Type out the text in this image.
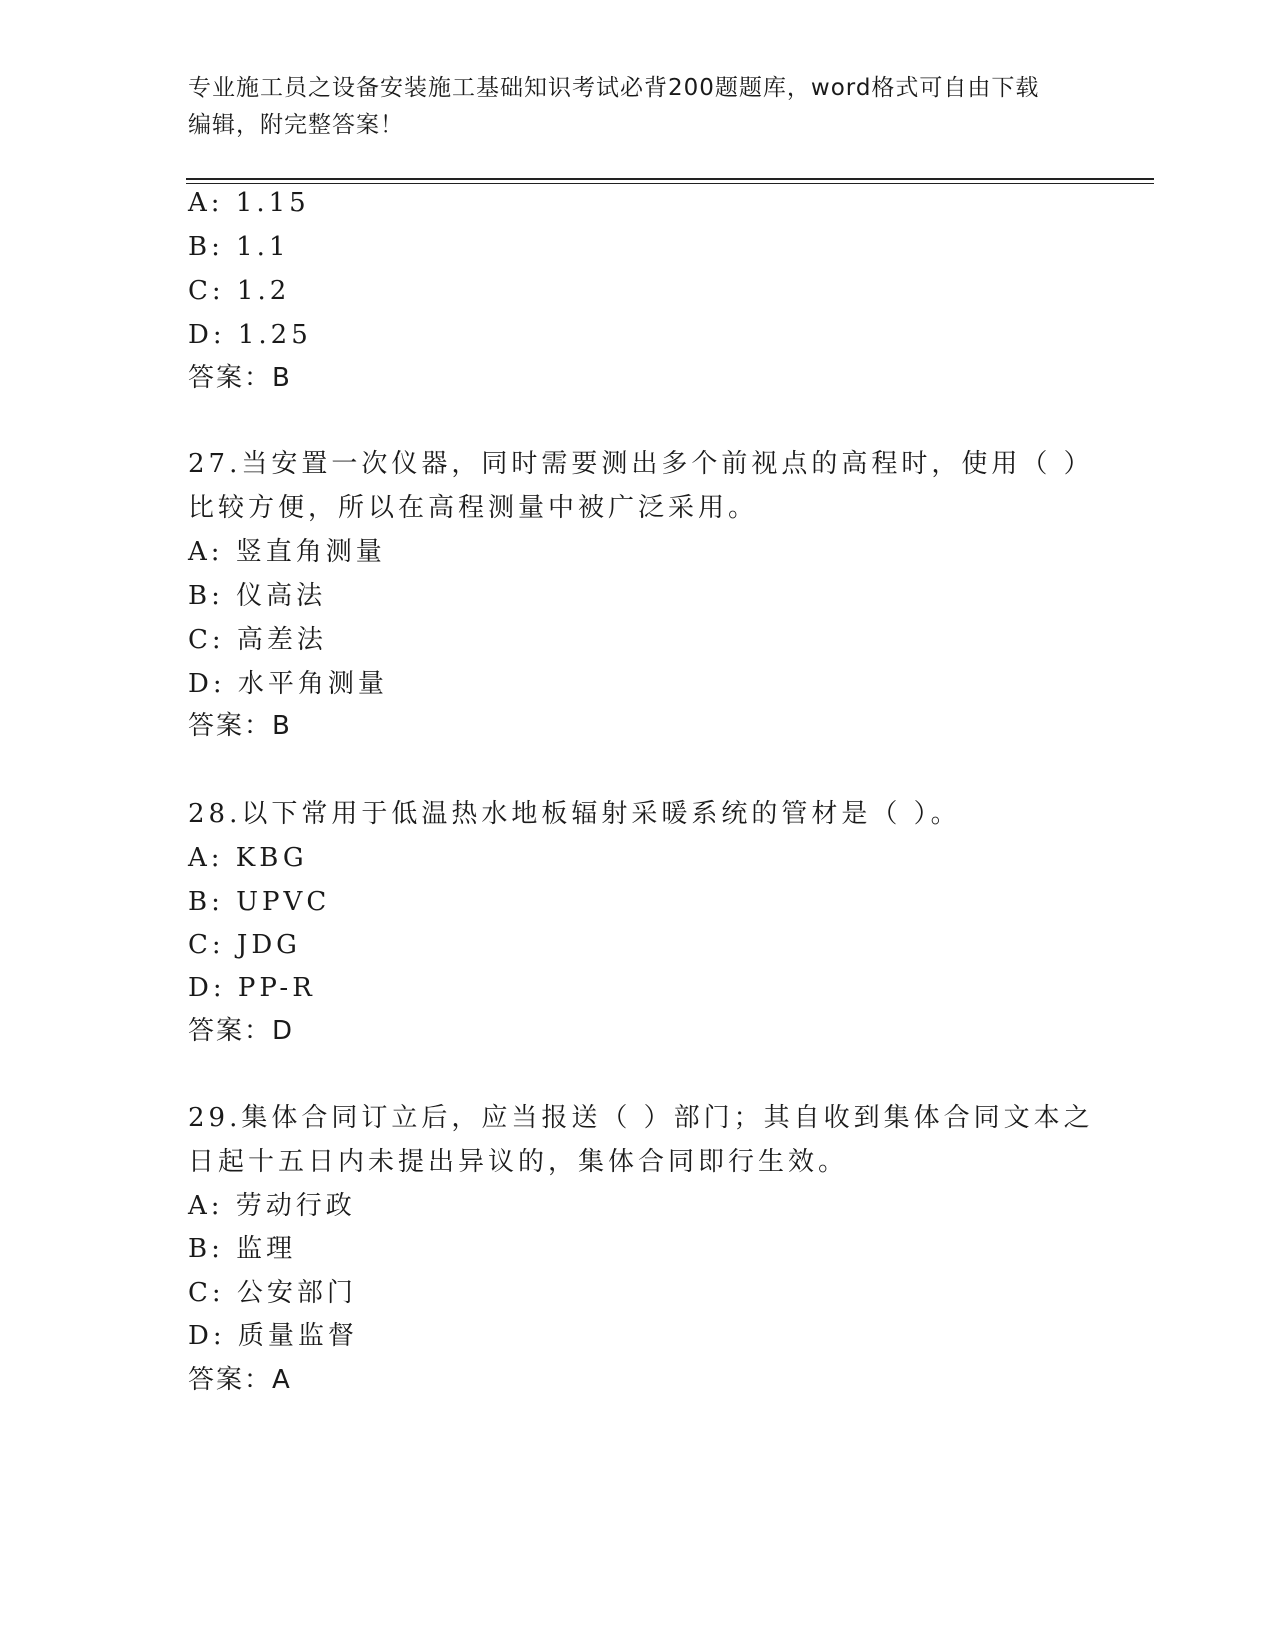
专业施工员之设备安装施工基础知识考试必背200题题库，word格式可自由下载
编辑，附完整答案！
A: 1.15
B: 1.1
C: 1.2
D: 1.25
答案：B
27.当安置一次仪器，同时需要测出多个前视点的高程时，使用（ ）
比较方便，所以在高程测量中被广泛采用。
A: 竖直角测量
B: 仪高法
C: 高差法
D: 水平角测量
答案：B
28.以下常用于低温热水地板辐射采暖系统的管材是（ ）。
A: KBG
B: UPVC
C: JDG
D: PP-R
答案：D
29.集体合同订立后，应当报送（ ）部门；其自收到集体合同文本之
日起十五日内未提出异议的，集体合同即行生效。
A: 劳动行政
B: 监理
C: 公安部门
D: 质量监督
答案：A
